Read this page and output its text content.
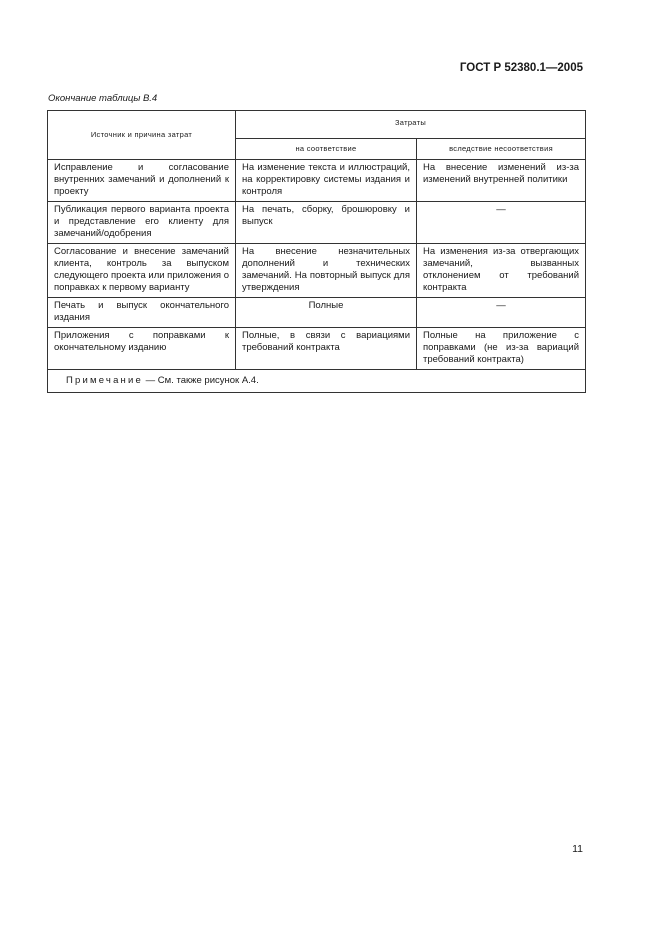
ГОСТ Р 52380.1—2005
Окончание таблицы В.4
Источник и причина затрат	Затраты	
	на соответствие	вследствие несоответствия
Исправление и согласование внутренних замечаний и дополнений к проекту	На изменение текста и иллюстраций, на корректировку системы издания и контроля	На внесение изменений из-за изменений внутренней политики
Публикация первого варианта проекта и представление его клиенту для замечаний/одобрения	На печать, сборку, брошюровку и выпуск	—
Согласование и внесение замечаний клиента, контроль за выпуском следующего проекта или приложения о поправках к первому варианту	На внесение незначительных дополнений и технических замечаний. На повторный выпуск для утверждения	На изменения из-за отвергающих замечаний, вызванных отклонением от требований контракта
Печать и выпуск окончательного издания	Полные	—
Приложения с поправками к окончательному изданию	Полные, в связи с вариациями требований контракта	Полные на приложение с поправками (не из-за вариаций требований контракта)
Примечание — См. также рисунок А.4.		
11
